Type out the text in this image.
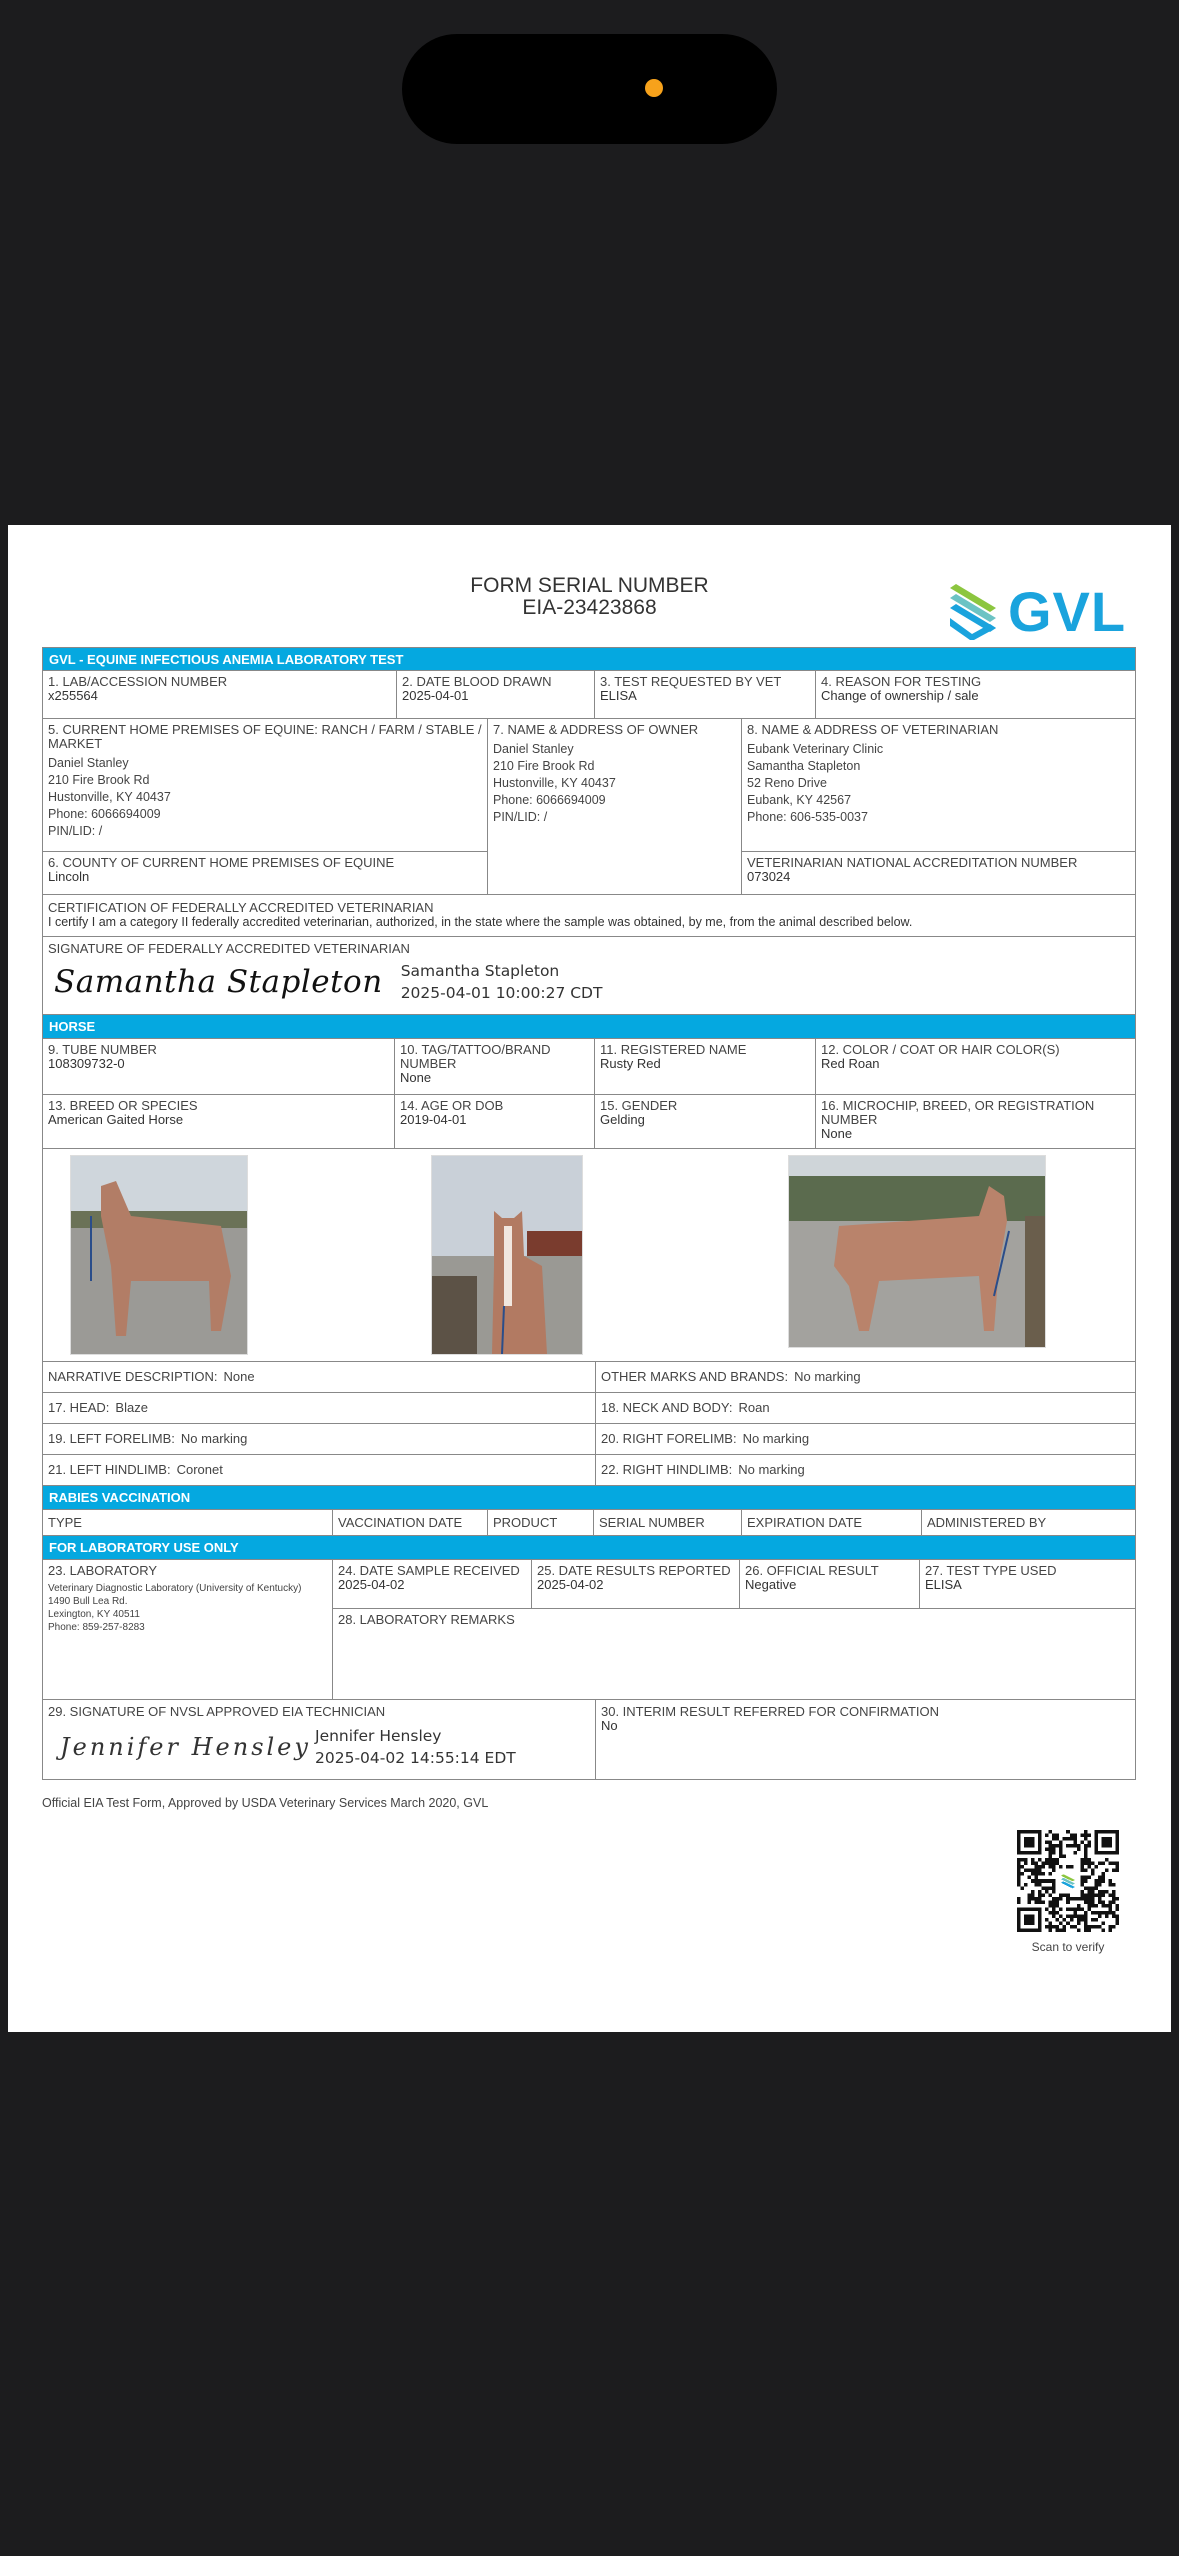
FORM SERIAL NUMBER
EIA-23423868	GVL
GVL - EQUINE INFECTIOUS ANEMIA LABORATORY TEST
1. LAB/ACCESSION NUMBER
x255564
2. DATE BLOOD DRAWN
2025-04-01
3. TEST REQUESTED BY VET
ELISA
4. REASON FOR TESTING
Change of ownership / sale
5. CURRENT HOME PREMISES OF EQUINE: RANCH / FARM / STABLE / MARKET
Daniel Stanley
210 Fire Brook Rd
Hustonville, KY 40437
Phone: 6066694009
PIN/LID: /
6. COUNTY OF CURRENT HOME PREMISES OF EQUINE
Lincoln
7. NAME & ADDRESS OF OWNER
Daniel Stanley
210 Fire Brook Rd
Hustonville, KY 40437
Phone: 6066694009
PIN/LID: /
8. NAME & ADDRESS OF VETERINARIAN
Eubank Veterinary Clinic
Samantha Stapleton
52 Reno Drive
Eubank, KY 42567
Phone: 606-535-0037
VETERINARIAN NATIONAL ACCREDITATION NUMBER
073024
CERTIFICATION OF FEDERALLY ACCREDITED VETERINARIAN
I certify I am a category II federally accredited veterinarian, authorized, in the state where the sample was obtained, by me, from the animal described below.
SIGNATURE OF FEDERALLY ACCREDITED VETERINARIAN
Samantha Stapleton Samantha Stapleton
2025-04-01 10:00:27 CDT
HORSE
9. TUBE NUMBER
108309732-0
10. TAG/TATTOO/BRAND NUMBER
None
11. REGISTERED NAME
Rusty Red
12. COLOR / COAT OR HAIR COLOR(S)
Red Roan
13. BREED OR SPECIES
American Gaited Horse
14. AGE OR DOB
2019-04-01
15. GENDER
Gelding
16. MICROCHIP, BREED, OR REGISTRATION NUMBER
None
NARRATIVE DESCRIPTION: None	OTHER MARKS AND BRANDS: No marking
17. HEAD: Blaze	18. NECK AND BODY: Roan
19. LEFT FORELIMB: No marking	20. RIGHT FORELIMB: No marking
21. LEFT HINDLIMB: Coronet	22. RIGHT HINDLIMB: No marking
RABIES VACCINATION
TYPE	VACCINATION DATE	PRODUCT	SERIAL NUMBER	EXPIRATION DATE	ADMINISTERED BY
FOR LABORATORY USE ONLY
23. LABORATORY
Veterinary Diagnostic Laboratory (University of Kentucky)
1490 Bull Lea Rd.
Lexington, KY 40511
Phone: 859-257-8283
24. DATE SAMPLE RECEIVED
2025-04-02
25. DATE RESULTS REPORTED
2025-04-02
26. OFFICIAL RESULT
Negative
27. TEST TYPE USED
ELISA
28. LABORATORY REMARKS
29. SIGNATURE OF NVSL APPROVED EIA TECHNICIAN
Jennifer Hensley Jennifer Hensley
2025-04-02 14:55:14 EDT
30. INTERIM RESULT REFERRED FOR CONFIRMATION
No
Official EIA Test Form, Approved by USDA Veterinary Services March 2020, GVL
Scan to verify
